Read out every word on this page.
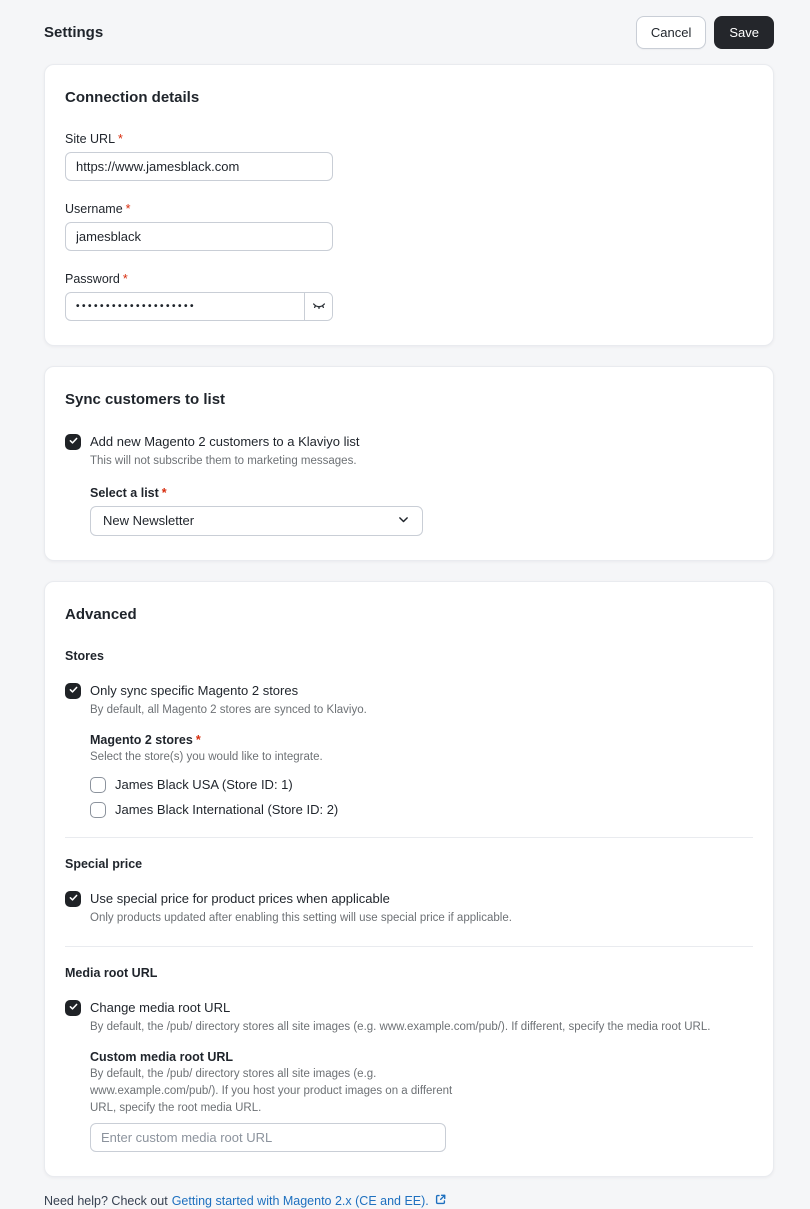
Settings	Cancel	Save
Connection details
Site URL *
https://www.jamesblack.com
Username *
jamesblack
Password *
••••••••••••••••••••
Sync customers to list
Add new Magento 2 customers to a Klaviyo list
This will not subscribe them to marketing messages.
Select a list *
New Newsletter
Advanced
Stores
Only sync specific Magento 2 stores
By default, all Magento 2 stores are synced to Klaviyo.
Magento 2 stores *
Select the store(s) you would like to integrate.
James Black USA (Store ID: 1)
James Black International (Store ID: 2)
Special price
Use special price for product prices when applicable
Only products updated after enabling this setting will use special price if applicable.
Media root URL
Change media root URL
By default, the /pub/ directory stores all site images (e.g. www.example.com/pub/). If different, specify the media root URL.
Custom media root URL
By default, the /pub/ directory stores all site images (e.g. www.example.com/pub/). If you host your product images on a different URL, specify the root media URL.
Enter custom media root URL
Need help? Check out Getting started with Magento 2.x (CE and EE).
